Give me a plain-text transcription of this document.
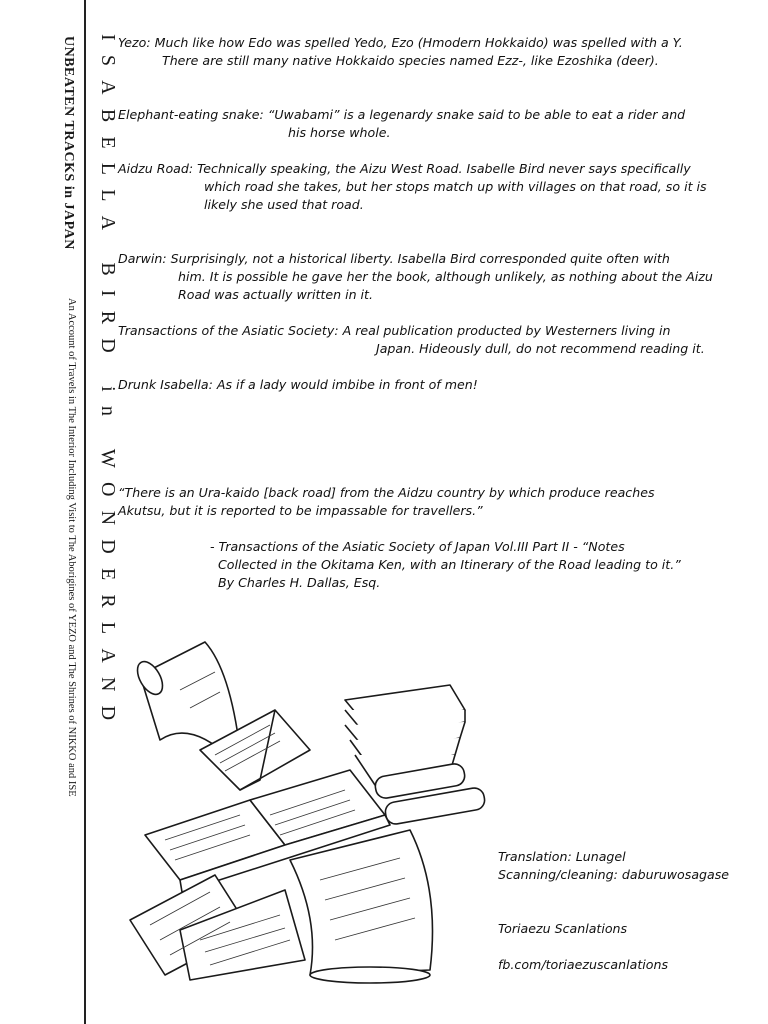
UNBEATEN TRACKS in JAPAN
An Account of Travels in The Interior Including Visit to The Aborigines of YEZO and The Shrines of NIKKO and ISE ISABELLA BIRD in WONDERLAND Yezo: Much like how Edo was spelled Yedo, Ezo (Hmodern Hokkaido) was spelled with a Y.
There are still many native Hokkaido species named Ezz-, like Ezoshika (deer).
Elephant-eating snake: “Uwabami” is a legenardy snake said to be able to eat a rider and
his horse whole.
Aidzu Road: Technically speaking, the Aizu West Road. Isabelle Bird never says specifically
which road she takes, but her stops match up with villages on that road, so it is
likely she used that road.
Darwin: Surprisingly, not a historical liberty. Isabella Bird corresponded quite often with
him. It is possible he gave her the book, although unlikely, as nothing about the Aizu
Road was actually written in it.
Transactions of the Asiatic Society: A real publication producted by Westerners living in
Japan. Hideously dull, do not recommend reading it.
Drunk Isabella: As if a lady would imbibe in front of men!
“There is an Ura-kaido [back road] from the Aidzu country by which produce reaches
Akutsu, but it is reported to be impassable for travellers.”
- Transactions of the Asiatic Society of Japan Vol.III Part II - “Notes
Collected in the Okitama Ken, with an Itinerary of the Road leading to it.”
By Charles H. Dallas, Esq.
Translation: Lunagel
Scanning/cleaning: daburuwosagase
Toriaezu Scanlations
fb.com/toriaezuscanlations
